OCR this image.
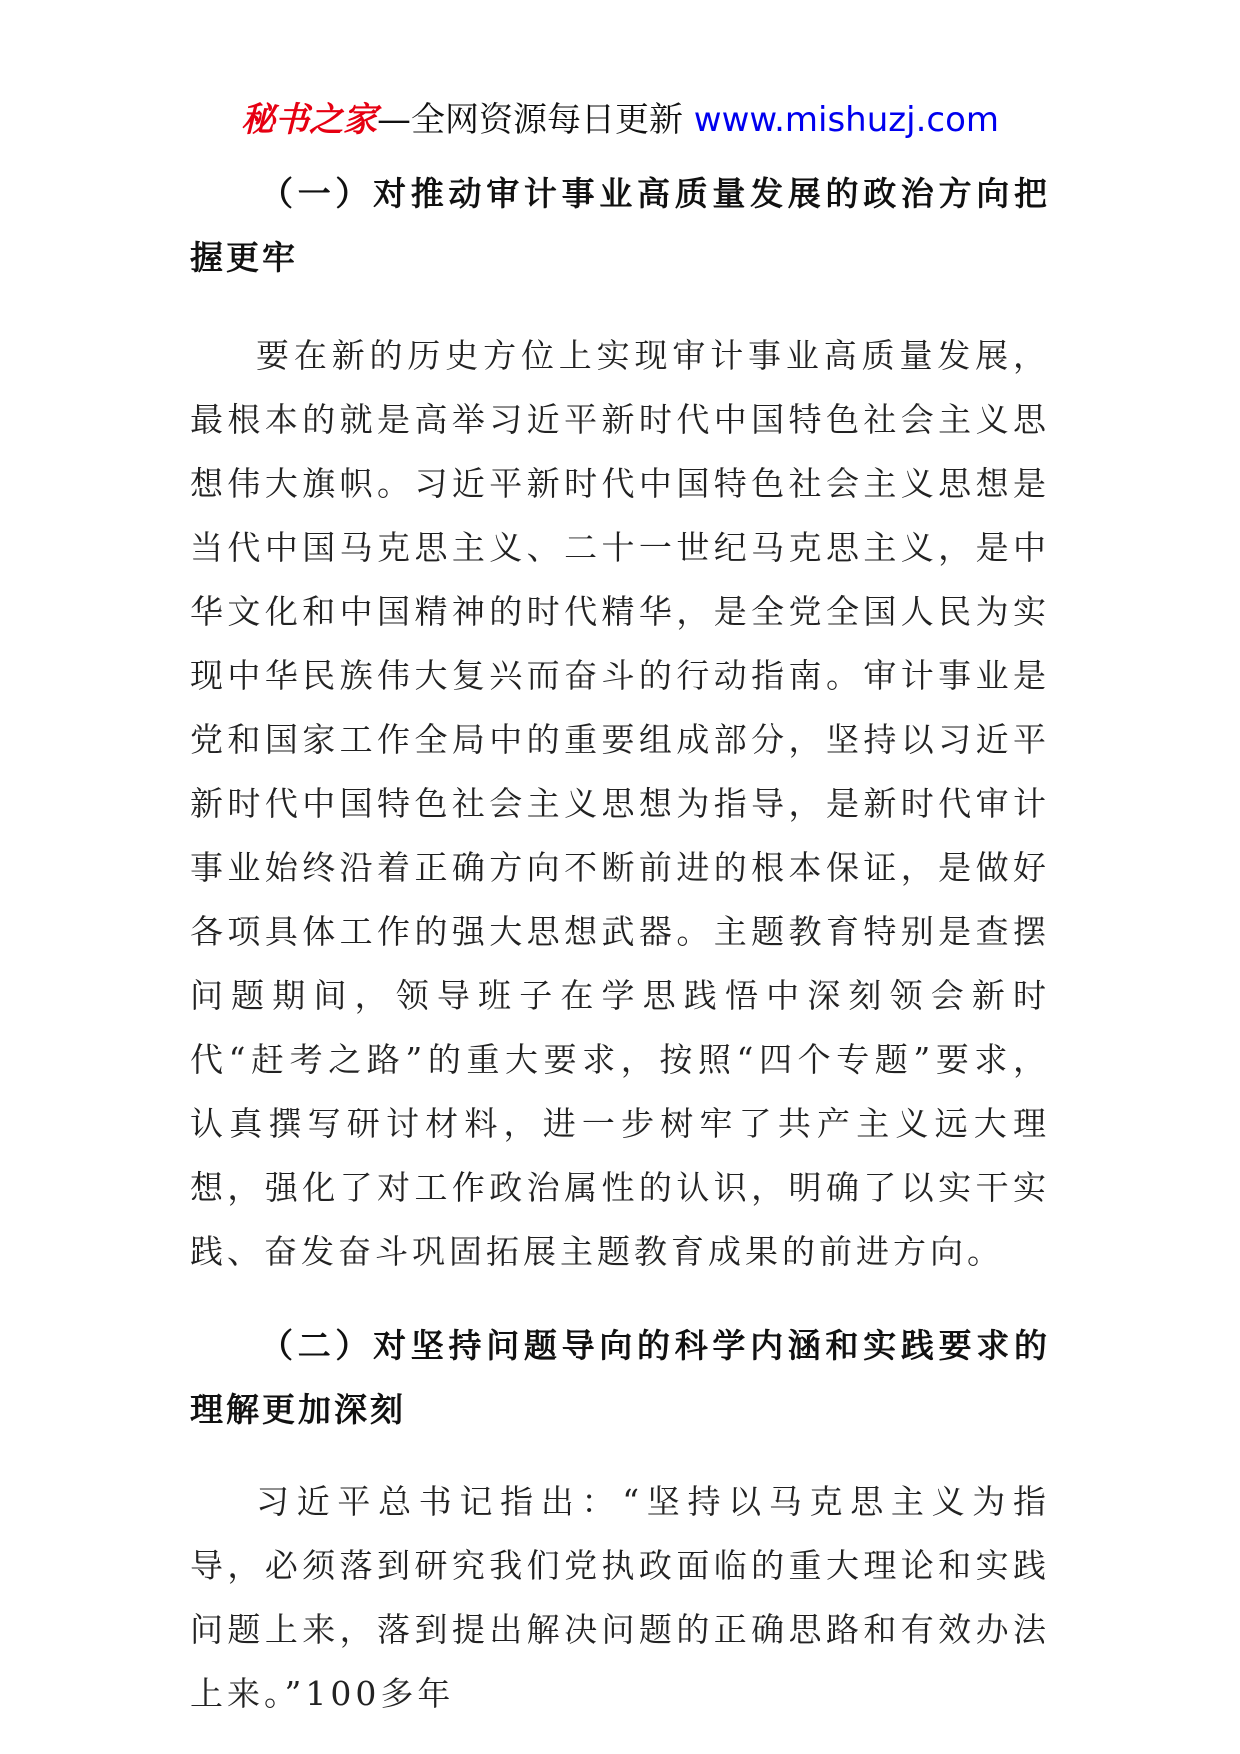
秘书之家—全网资源每日更新 www.mishuzj.com

（一）对推动审计事业高质量发展的政治方向把握更牢

要在新的历史方位上实现审计事业高质量发展，最根本的就是高举习近平新时代中国特色社会主义思想伟大旗帜。习近平新时代中国特色社会主义思想是当代中国马克思主义、二十一世纪马克思主义，是中华文化和中国精神的时代精华，是全党全国人民为实现中华民族伟大复兴而奋斗的行动指南。审计事业是党和国家工作全局中的重要组成部分，坚持以习近平新时代中国特色社会主义思想为指导，是新时代审计事业始终沿着正确方向不断前进的根本保证，是做好各项具体工作的强大思想武器。主题教育特别是查摆问题期间，领导班子在学思践悟中深刻领会新时代“赶考之路”的重大要求，按照“四个专题”要求，认真撰写研讨材料，进一步树牢了共产主义远大理想，强化了对工作政治属性的认识，明确了以实干实践、奋发奋斗巩固拓展主题教育成果的前进方向。

（二）对坚持问题导向的科学内涵和实践要求的理解更加深刻

习近平总书记指出：“坚持以马克思主义为指导，必须落到研究我们党执政面临的重大理论和实践问题上来，落到提出解决问题的正确思路和有效办法上来。”100多年
